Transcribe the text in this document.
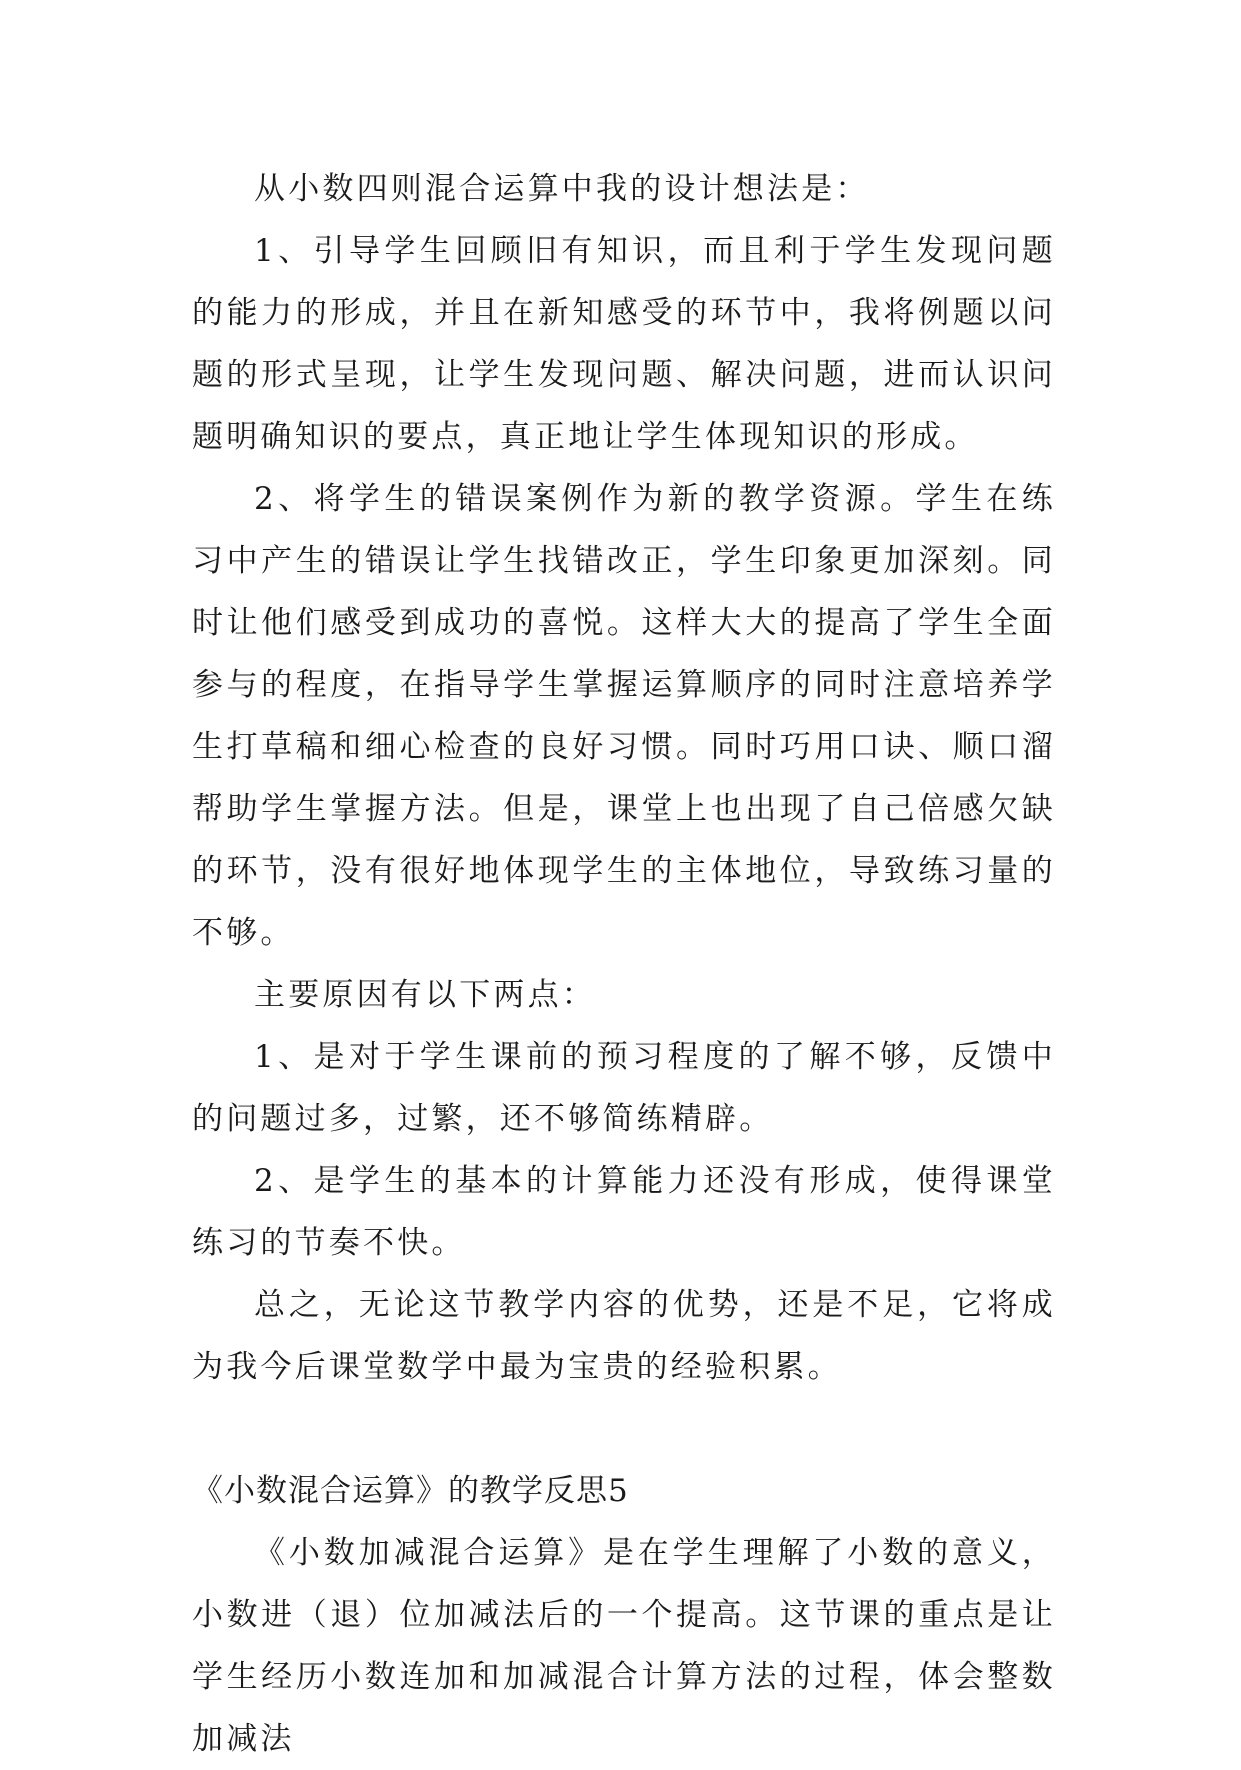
从小数四则混合运算中我的设计想法是：

1、引导学生回顾旧有知识，而且利于学生发现问题的能力的形成，并且在新知感受的环节中，我将例题以问题的形式呈现，让学生发现问题、解决问题，进而认识问题明确知识的要点，真正地让学生体现知识的形成。

2、将学生的错误案例作为新的教学资源。学生在练习中产生的错误让学生找错改正，学生印象更加深刻。同时让他们感受到成功的喜悦。这样大大的提高了学生全面参与的程度，在指导学生掌握运算顺序的同时注意培养学生打草稿和细心检查的良好习惯。同时巧用口诀、顺口溜帮助学生掌握方法。但是，课堂上也出现了自己倍感欠缺的环节，没有很好地体现学生的主体地位，导致练习量的不够。

主要原因有以下两点：

1、是对于学生课前的预习程度的了解不够，反馈中的问题过多，过繁，还不够简练精辟。

2、是学生的基本的计算能力还没有形成，使得课堂练习的节奏不快。

总之，无论这节教学内容的优势，还是不足，它将成为我今后课堂数学中最为宝贵的经验积累。

《小数混合运算》的教学反思5

《小数加减混合运算》是在学生理解了小数的意义，小数进（退）位加减法后的一个提高。这节课的重点是让学生经历小数连加和加减混合计算方法的过程，体会整数加减法
